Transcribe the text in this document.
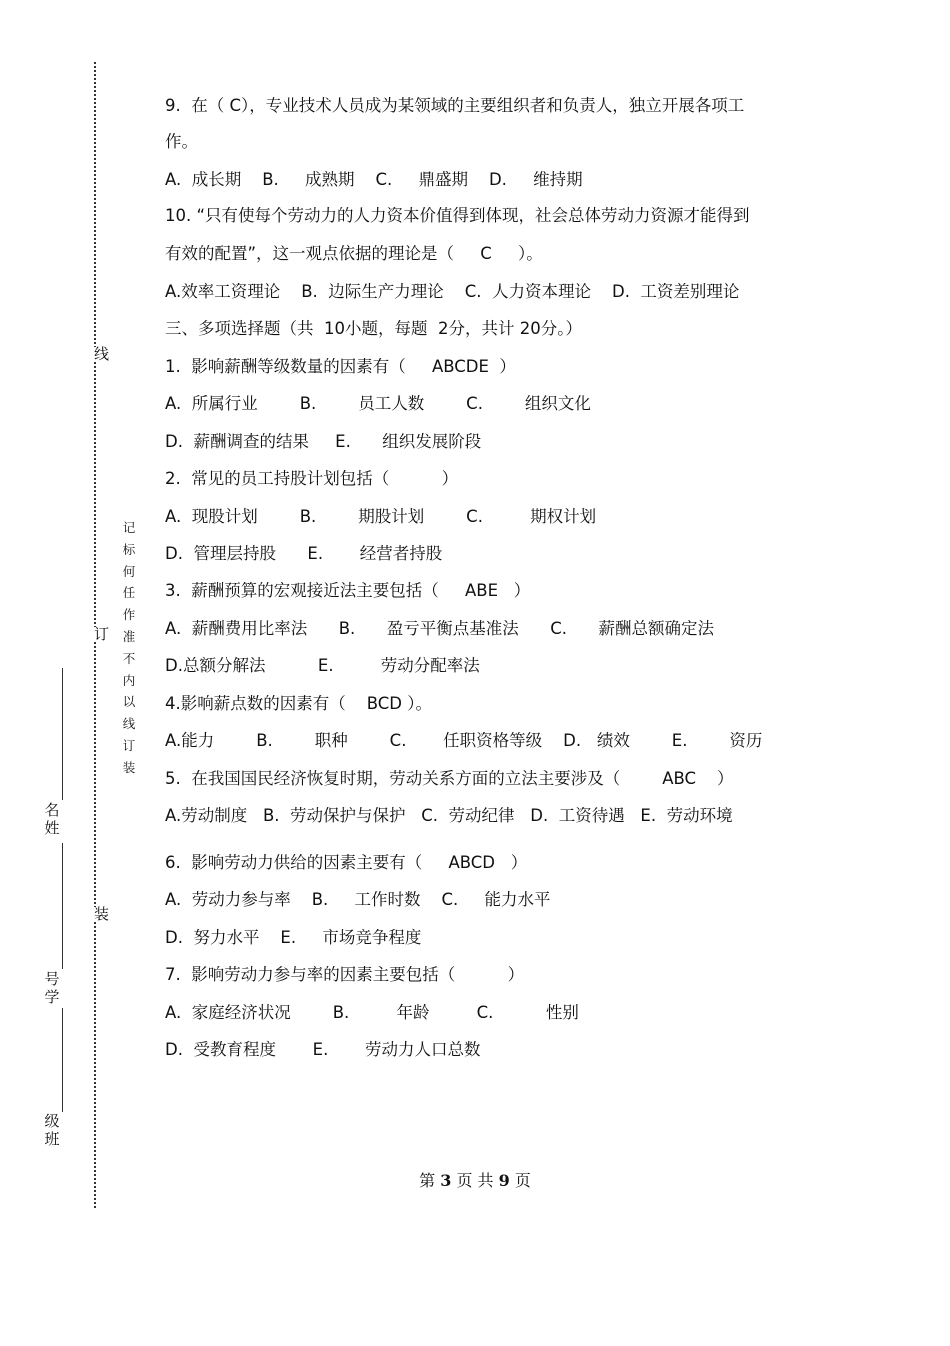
线
订
装
记标何任作准不内以线订装
名姓
号学
级班
9.  在（ C），专业技术人员成为某领域的主要组织者和负责人，独立开展各项工
作。
A.  成长期    B.     成熟期    C.     鼎盛期    D.     维持期
10. “只有使每个劳动力的人力资本价值得到体现，社会总体劳动力资源才能得到
有效的配置”，这一观点依据的理论是（     C     ）。
A.效率工资理论    B.  边际生产力理论    C.  人力资本理论    D.  工资差别理论
三、多项选择题（共  10小题，每题  2分，共计 20分。）
1.  影响薪酬等级数量的因素有（     ABCDE  ）
A.  所属行业        B.        员工人数        C.        组织文化
D.  薪酬调查的结果     E.      组织发展阶段
2.  常见的员工持股计划包括（          ）
A.  现股计划        B.        期股计划        C.         期权计划
D.  管理层持股      E.       经营者持股
3.  薪酬预算的宏观接近法主要包括（     ABE   ）
A.  薪酬费用比率法      B.      盈亏平衡点基准法      C.      薪酬总额确定法
D.总额分解法          E.         劳动分配率法
4.影响薪点数的因素有（    BCD ）。
A.能力        B.        职种        C.       任职资格等级    D.   绩效        E.        资历
5.  在我国国民经济恢复时期，劳动关系方面的立法主要涉及（        ABC    ）
A.劳动制度   B.  劳动保护与保护   C.  劳动纪律   D.  工资待遇   E.  劳动环境
6.  影响劳动力供给的因素主要有（     ABCD   ）
A.  劳动力参与率    B.     工作时数    C.     能力水平
D.  努力水平    E.     市场竞争程度
7.  影响劳动力参与率的因素主要包括（          ）
A.  家庭经济状况        B.         年龄         C.          性别
D.  受教育程度       E.       劳动力人口总数
第 3 页 共 9 页
